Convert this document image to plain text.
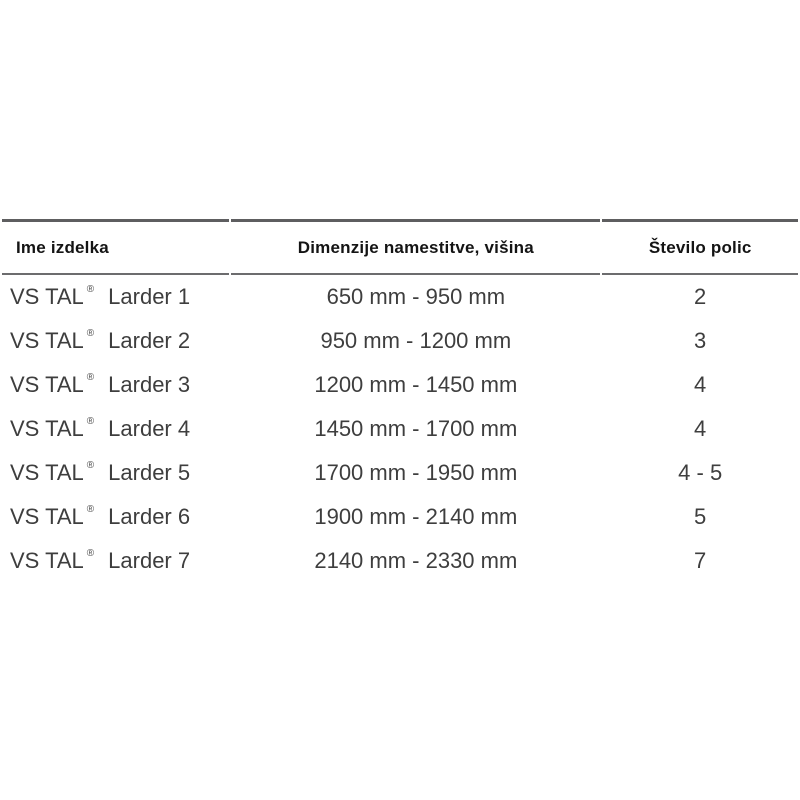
Ime izdelka	Dimenzije namestitve, višina	Število polic
VS TAL ® Larder 1	650 mm - 950 mm	2
VS TAL ® Larder 2	950 mm - 1200 mm	3
VS TAL ® Larder 3	1200 mm - 1450 mm	4
VS TAL ® Larder 4	1450 mm - 1700 mm	4
VS TAL ® Larder 5	1700 mm - 1950 mm	4 - 5
VS TAL ® Larder 6	1900 mm - 2140 mm	5
VS TAL ® Larder 7	2140 mm - 2330 mm	7
